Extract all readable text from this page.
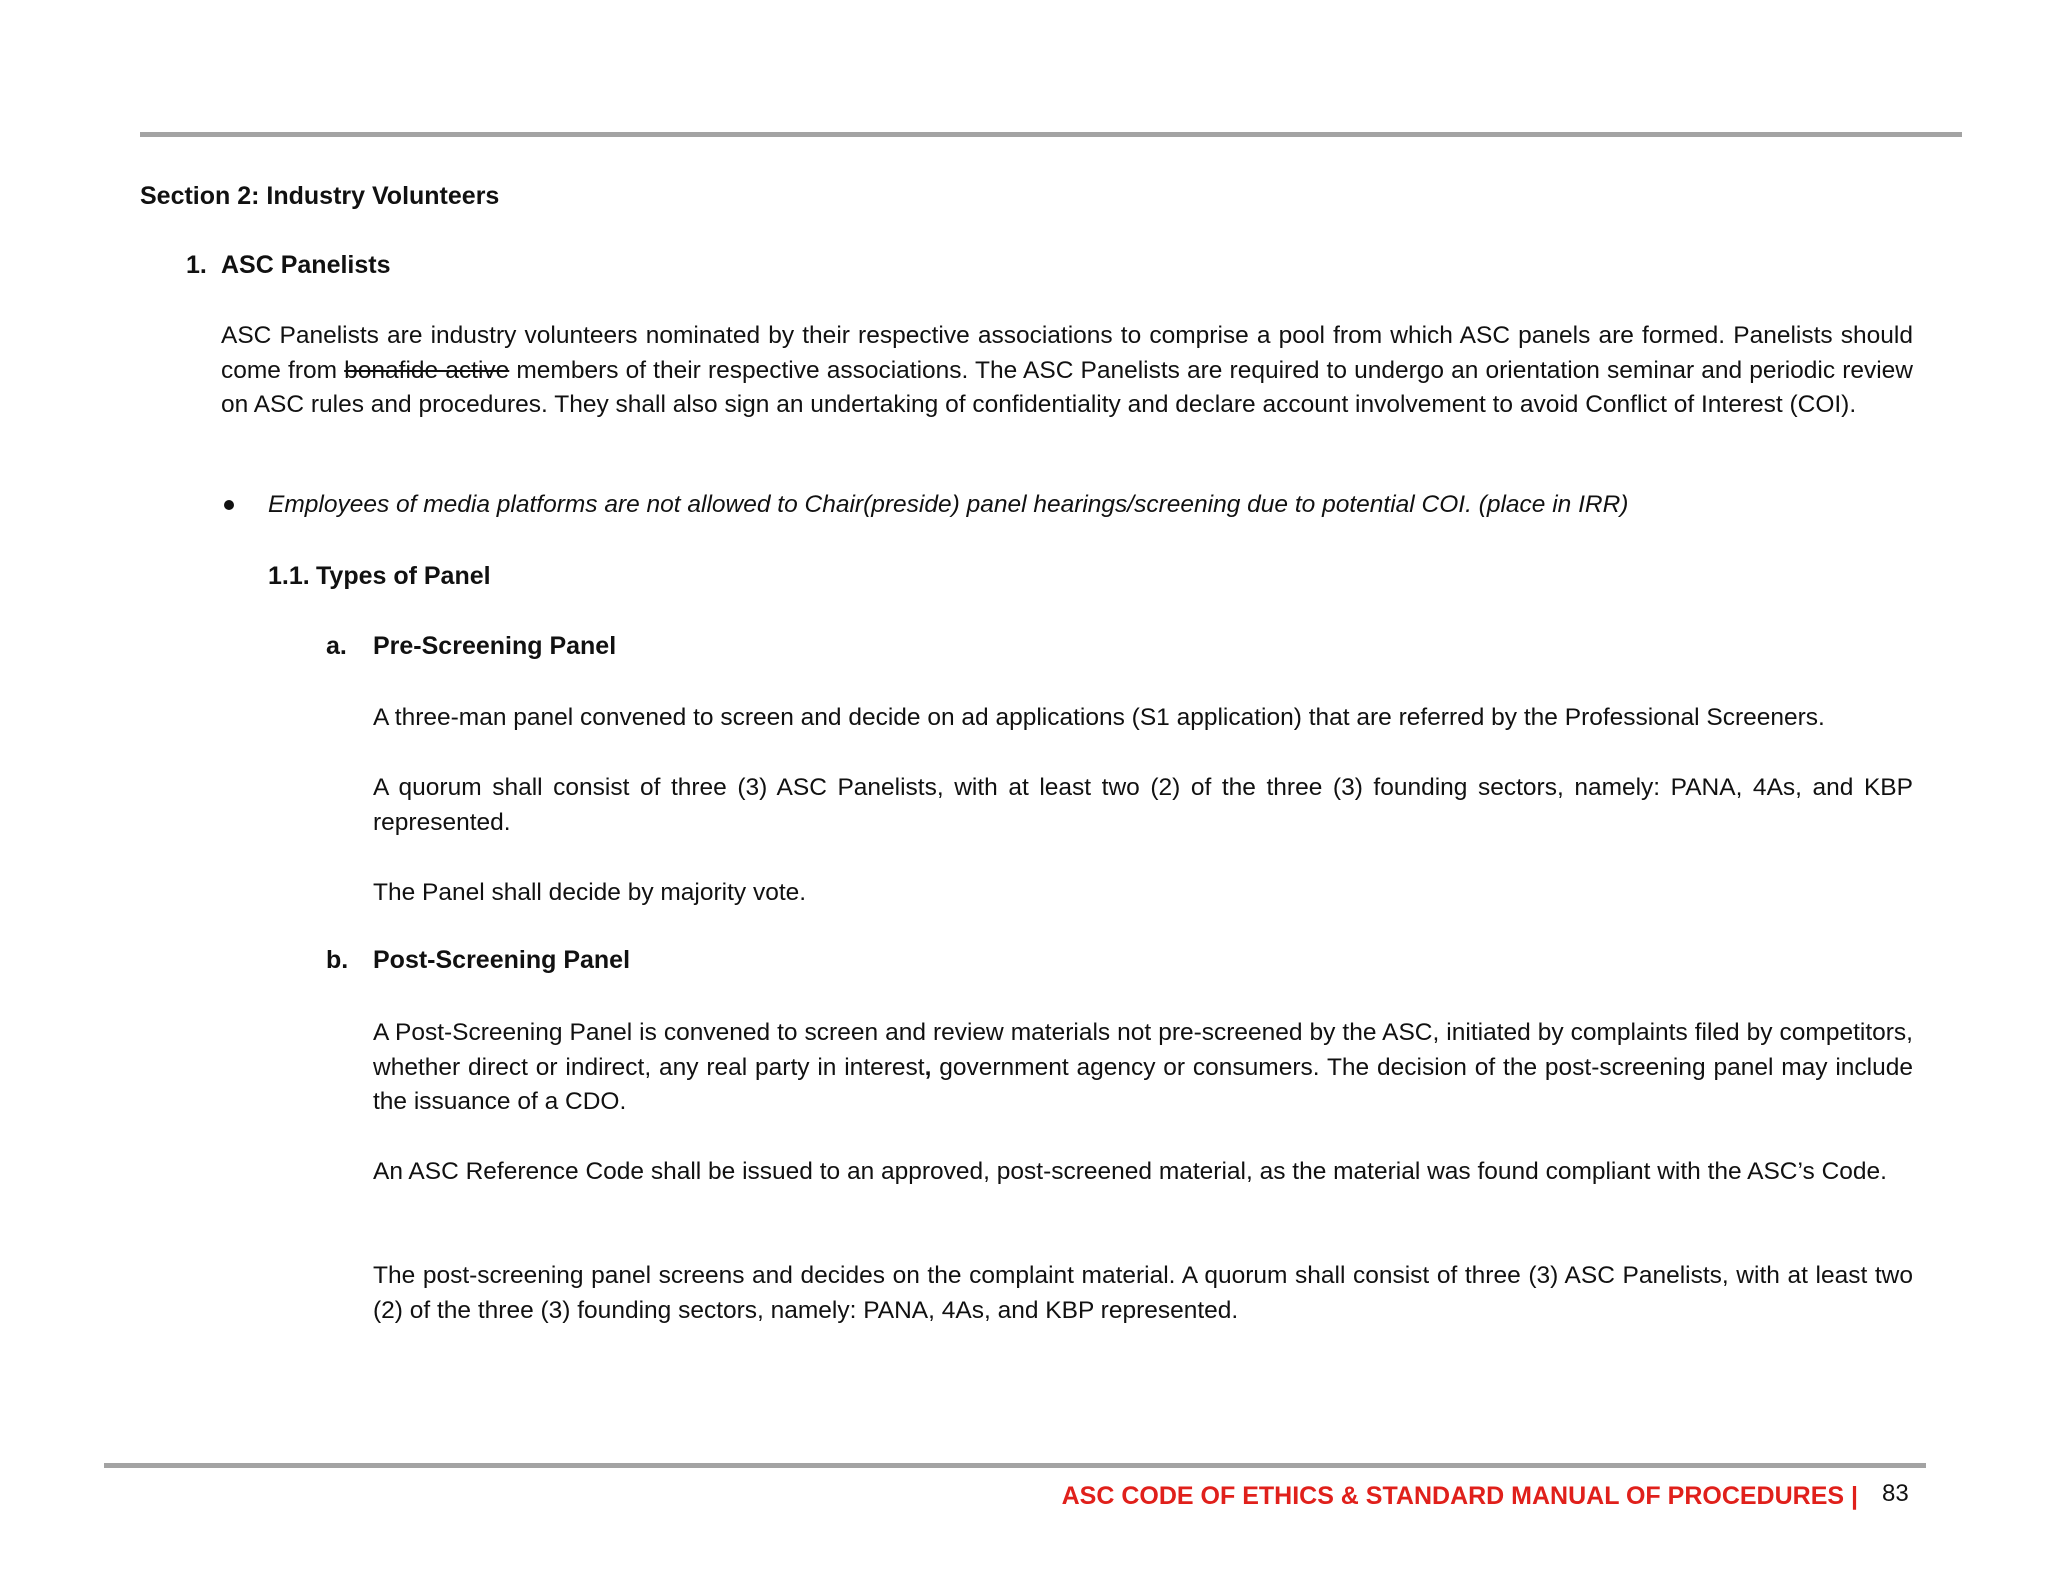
Section 2: Industry Volunteers
1. ASC Panelists
ASC Panelists are industry volunteers nominated by their respective associations to comprise a pool from which ASC panels are formed. Panelists should come from bonafide active members of their respective associations. The ASC Panelists are required to undergo an orientation seminar and periodic review on ASC rules and procedures. They shall also sign an undertaking of confidentiality and declare account involvement to avoid Conflict of Interest (COI).
Employees of media platforms are not allowed to Chair(preside) panel hearings/screening due to potential COI. (place in IRR)
1.1. Types of Panel
a. Pre-Screening Panel
A three-man panel convened to screen and decide on ad applications (S1 application) that are referred by the Professional Screeners.
A quorum shall consist of three (3) ASC Panelists, with at least two (2) of the three (3) founding sectors, namely: PANA, 4As, and KBP represented.
The Panel shall decide by majority vote.
b. Post-Screening Panel
A Post-Screening Panel is convened to screen and review materials not pre-screened by the ASC, initiated by complaints filed by competitors, whether direct or indirect, any real party in interest, government agency or consumers. The decision of the post-screening panel may include the issuance of a CDO.
An ASC Reference Code shall be issued to an approved, post-screened material, as the material was found compliant with the ASC’s Code.
The post-screening panel screens and decides on the complaint material. A quorum shall consist of three (3) ASC Panelists, with at least two (2) of the three (3) founding sectors, namely: PANA, 4As, and KBP represented.
ASC CODE OF ETHICS & STANDARD MANUAL OF PROCEDURES | 83
